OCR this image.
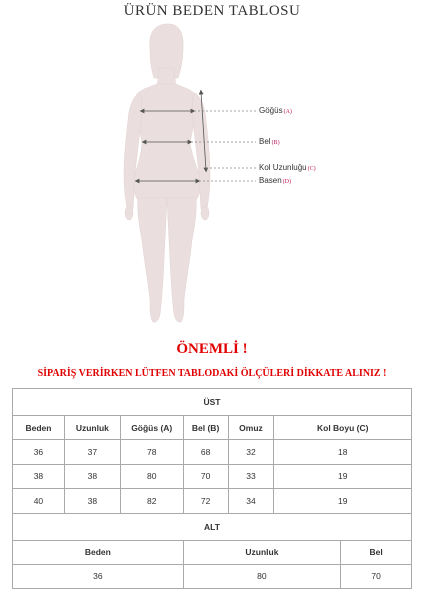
ÜRÜN BEDEN TABLOSU
Göğüs(A)
Bel(B)
Kol Uzunluğu(C)
Basen(D)
ÖNEMLİ !
SİPARİŞ VERİRKEN LÜTFEN TABLODAKİ ÖLÇÜLERİ DİKKATE ALINIZ !
ÜST						
Beden	Uzunluk	Göğüs (A)	Bel (B)	Omuz	Kol Boyu (C)	
36	37	78	68	32	18	
38	38	80	70	33	19	
40	38	82	72	34	19	
ALT						
Beden			Uzunluk			Bel
36			80			70
